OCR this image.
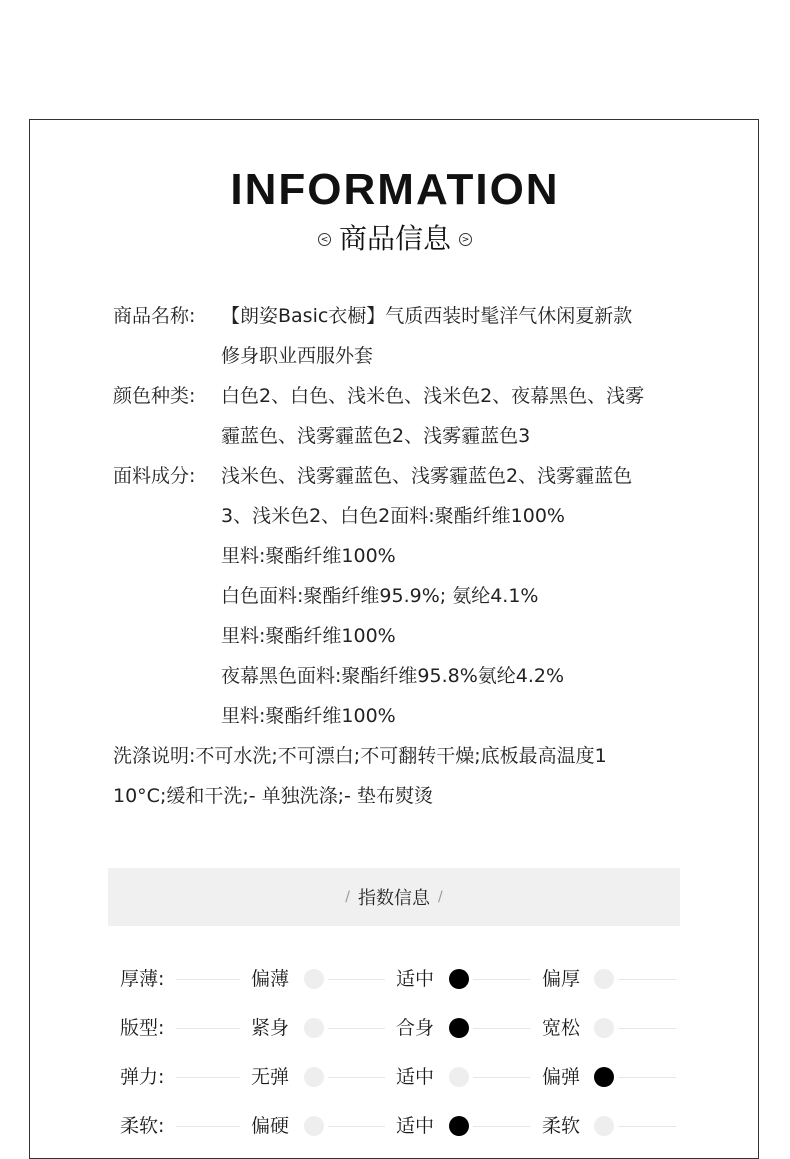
INFORMATION
< 商品信息	>
商品名称:	【朗姿Basic衣橱】气质西装时髦洋气休闲夏新款
修身职业西服外套
颜色种类:	白色2、白色、浅米色、浅米色2、夜幕黑色、浅雾
霾蓝色、浅雾霾蓝色2、浅雾霾蓝色3
面料成分:	浅米色、浅雾霾蓝色、浅雾霾蓝色2、浅雾霾蓝色
3、浅米色2、白色2面料:聚酯纤维100%
里料:聚酯纤维100%
白色面料:聚酯纤维95.9%; 氨纶4.1%
里料:聚酯纤维100%
夜幕黑色面料:聚酯纤维95.8%氨纶4.2%
里料:聚酯纤维100%
洗涤说明:不可水洗;不可漂白;不可翻转干燥;底板最高温度1
10°C;缓和干洗;- 单独洗涤;- 垫布熨烫
/ 指数信息 /
厚薄:	偏薄	适中	偏厚
版型:	紧身	合身	宽松
弹力:	无弹	适中	偏弹
柔软:	偏硬	适中	柔软
